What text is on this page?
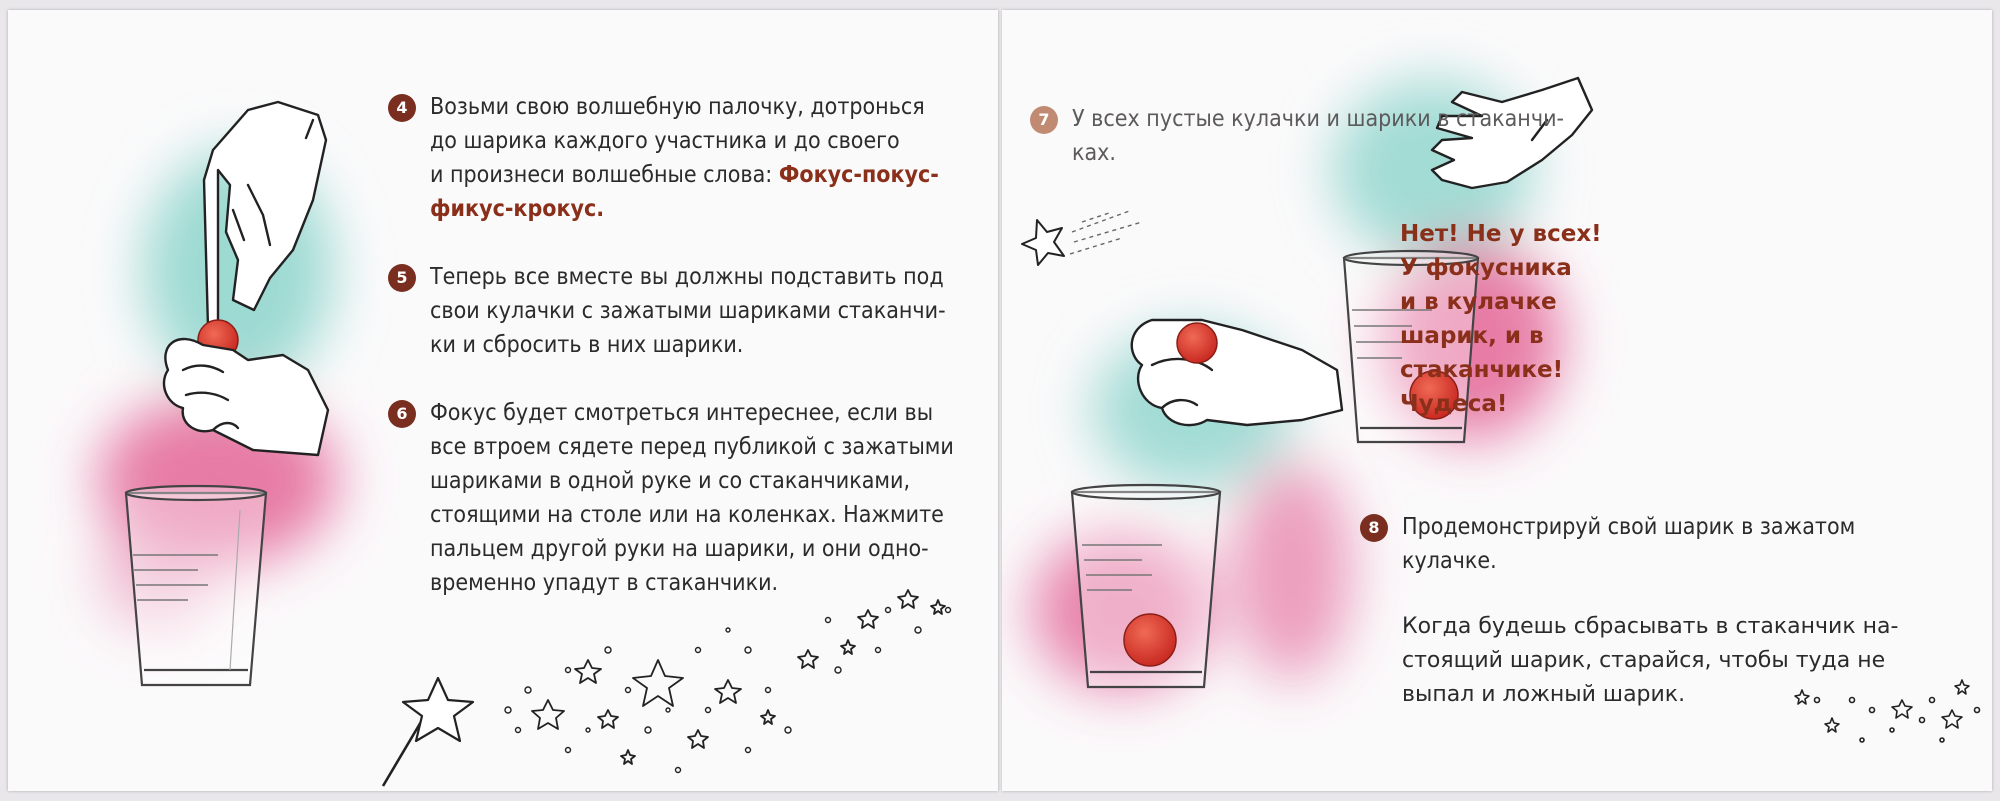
4 Возьми свою волшебную палочку, дотронься
до шарика каждого участника и до своего
и произнеси волшебные слова: Фокус-покус-
фикус-крокус.
5 Теперь все вместе вы должны подставить под
свои кулачки с зажатыми шариками стаканчи-
ки и сбросить в них шарики.
6 Фокус будет смотреться интереснее, если вы
все втроем сядете перед публикой с зажатыми
шариками в одной руке и со стаканчиками,
стоящими на столе или на коленках. Нажмите
пальцем другой руки на шарики, и они одно-
временно упадут в стаканчики.
7 У всех пустые кулачки и шарики в стаканчи-
ках.
Нет! Не у всех!
У фокусника
и в кулачке
шарик, и в
стаканчике!
Чудеса!
8 Продемонстрируй свой шарик в зажатом
кулачке.
Когда будешь сбрасывать в стаканчик на-
стоящий шарик, старайся, чтобы туда не
выпал и ложный шарик.
